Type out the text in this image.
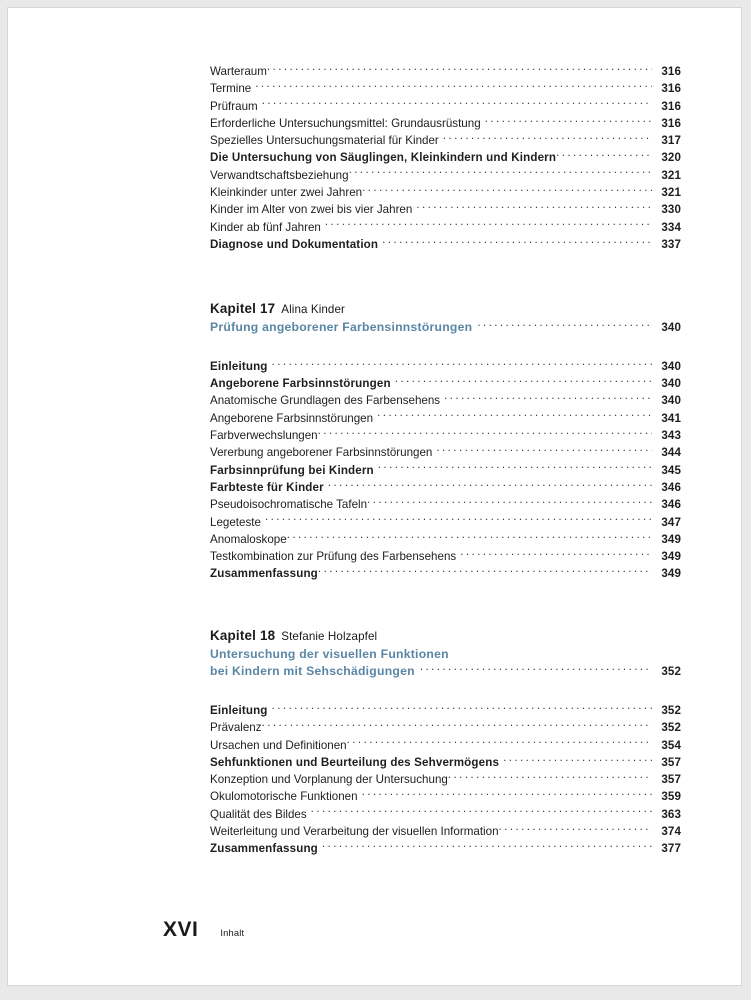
Warteraum . . .	316
Termine . . .	316
Prüfraum . . .	316
Erforderliche Untersuchungsmittel: Grundausrüstung . . .	316
Spezielles Untersuchungsmaterial für Kinder . . .	317
Die Untersuchung von Säuglingen, Kleinkindern und Kindern . . .	320
Verwandtschaftsbeziehung . . .	321
Kleinkinder unter zwei Jahren . . .	321
Kinder im Alter von zwei bis vier Jahren . . .	330
Kinder ab fünf Jahren . . .	334
Diagnose und Dokumentation . . .	337
Kapitel 17 Alina Kinder
Prüfung angeborener Farbensinnstörungen . . .	340
Einleitung . . .	340
Angeborene Farbsinnstörungen . . .	340
Anatomische Grundlagen des Farbensehens . . .	340
Angeborene Farbsinnstörungen . . .	341
Farbverwechslungen . . .	343
Vererbung angeborener Farbsinnstörungen . . .	344
Farbsinnprüfung bei Kindern . . .	345
Farbteste für Kinder . . .	346
Pseudoisochromatische Tafeln . . .	346
Legeteste . . .	347
Anomaloskope . . .	349
Testkombination zur Prüfung des Farbensehens . . .	349
Zusammenfassung . . .	349
Kapitel 18 Stefanie Holzapfel
Untersuchung der visuellen Funktionen
bei Kindern mit Sehschädigungen . . .	352
Einleitung . . .	352
Prävalenz . . .	352
Ursachen und Definitionen . . .	354
Sehfunktionen und Beurteilung des Sehvermögens . . .	357
Konzeption und Vorplanung der Untersuchung . . .	357
Okulomotorische Funktionen . . .	359
Qualität des Bildes . . .	363
Weiterleitung und Verarbeitung der visuellen Information . . .	374
Zusammenfassung . . .	377
XVI Inhalt
